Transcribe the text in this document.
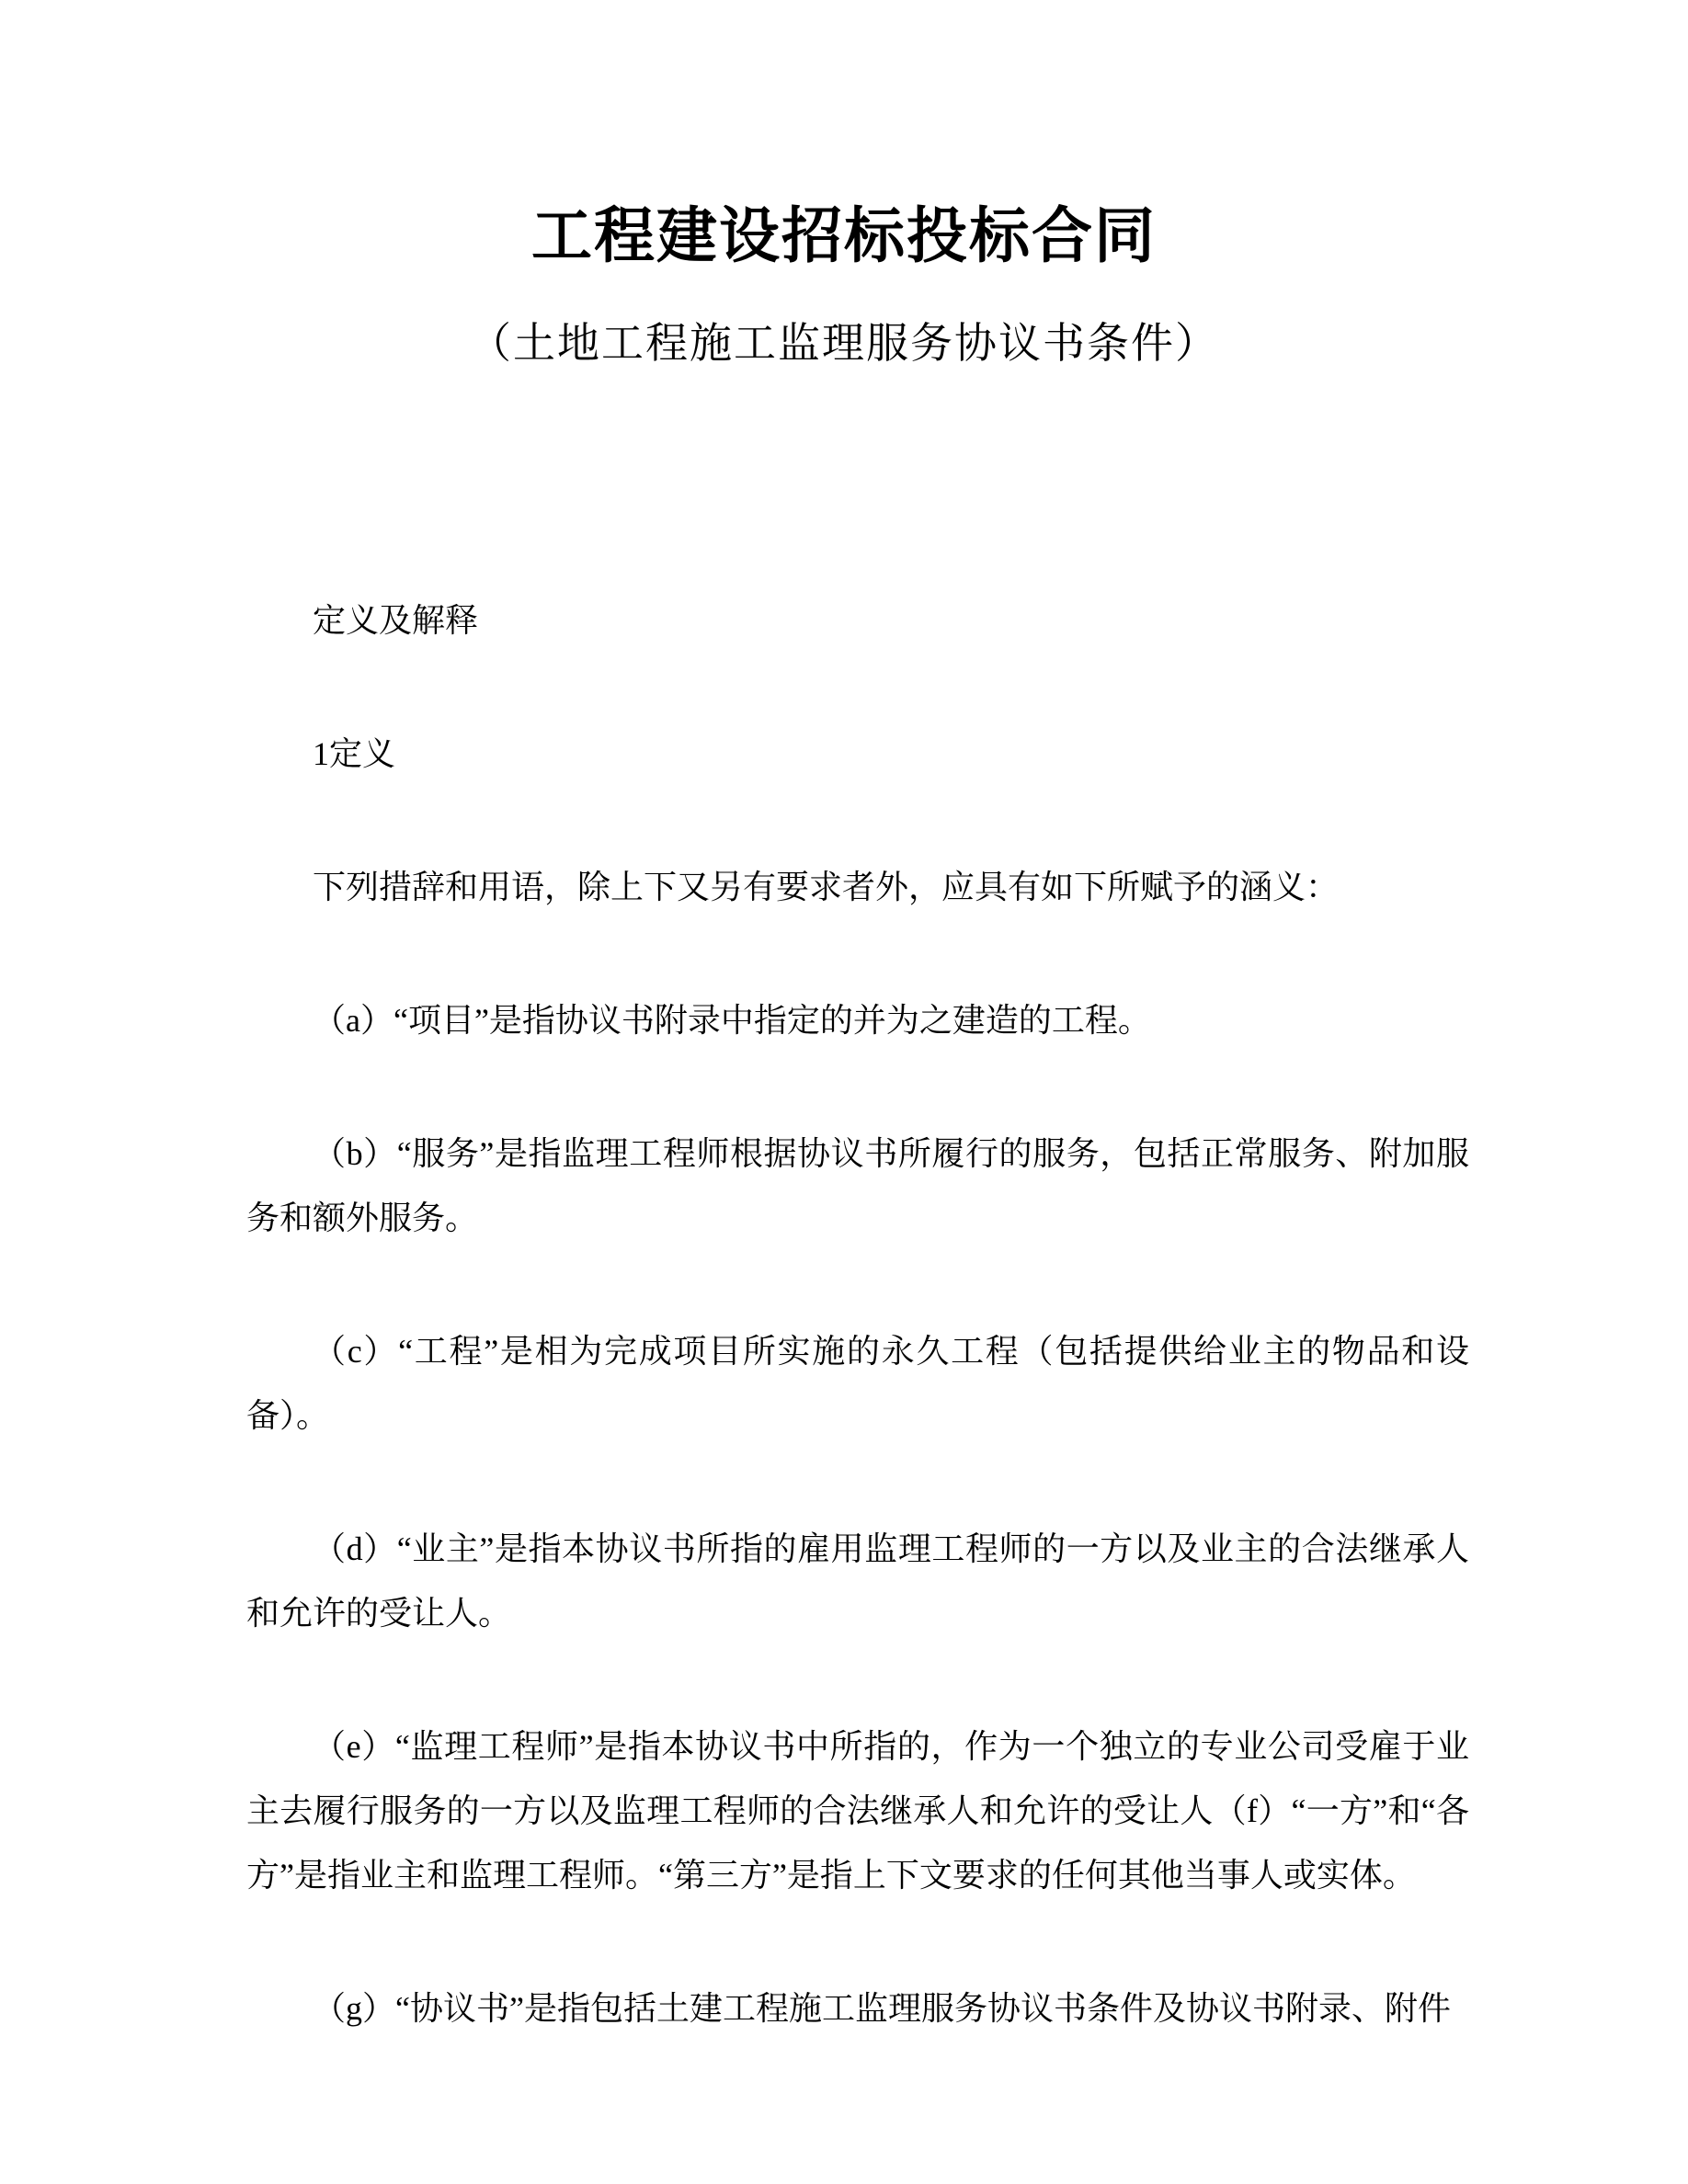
工程建设招标投标合同
（土地工程施工监理服务协议书条件）

定义及解释

1定义

下列措辞和用语，除上下又另有要求者外，应具有如下所赋予的涵义：

（a）“项目”是指协议书附录中指定的并为之建造的工程。

（b）“服务”是指监理工程师根据协议书所履行的服务，包括正常服务、附加服务和额外服务。

（c）“工程”是相为完成项目所实施的永久工程（包括提供给业主的物品和设备）。

（d）“业主”是指本协议书所指的雇用监理工程师的一方以及业主的合法继承人和允许的受让人。

（e）“监理工程师”是指本协议书中所指的，作为一个独立的专业公司受雇于业主去履行服务的一方以及监理工程师的合法继承人和允许的受让人（f）“一方”和“各方”是指业主和监理工程师。“第三方”是指上下文要求的任何其他当事人或实体。

（g）“协议书”是指包括土建工程施工监理服务协议书条件及协议书附录、附件
